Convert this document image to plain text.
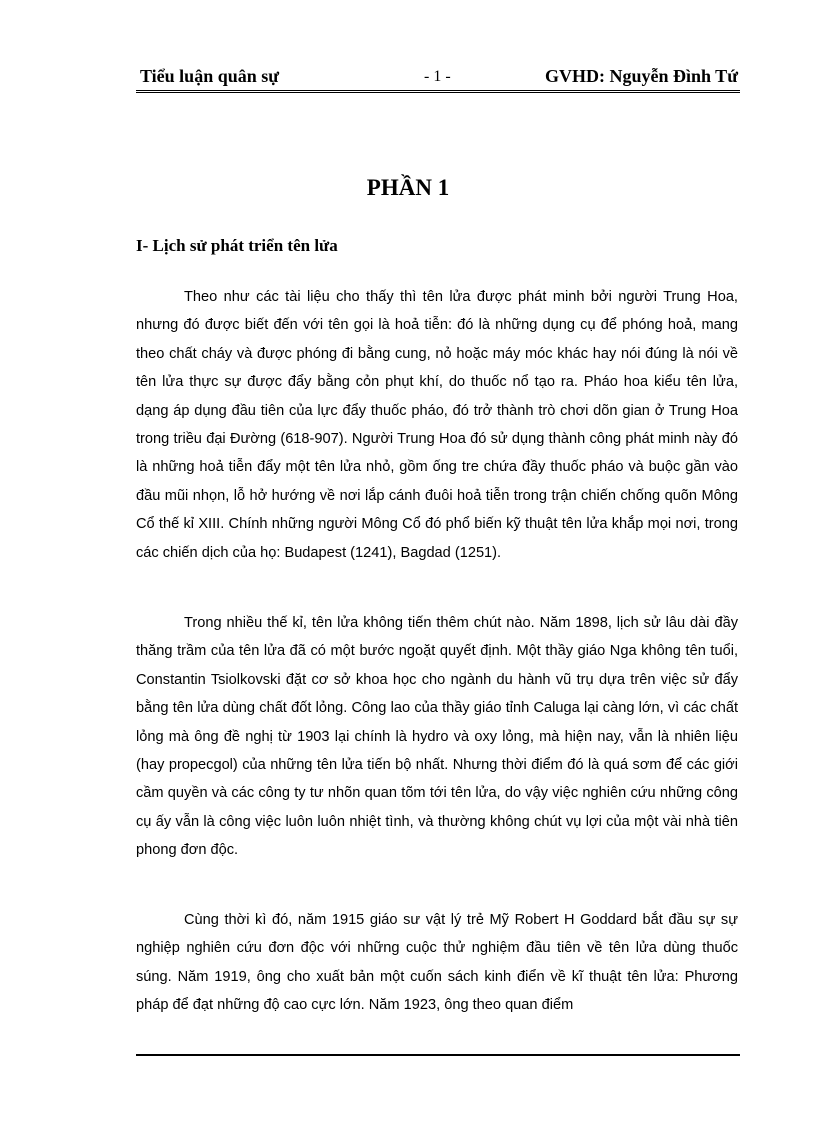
Tiểu luận quân sự	- 1 -	GVHD: Nguyễn Đình Tứ
PHẦN 1
I- Lịch sử phát triển tên lửa

Theo như các tài liệu cho thấy thì tên lửa được phát minh bởi người Trung Hoa, nhưng đó được biết đến với tên gọi là hoả tiễn: đó là những dụng cụ để phóng hoả, mang theo chất cháy và được phóng đi bằng cung, nỏ hoặc máy móc khác hay nói đúng là nói về tên lửa thực sự được đẩy bằng cỏn phụt khí, do thuốc nổ tạo ra. Pháo hoa kiểu tên lửa, dạng áp dụng đầu tiên của lực đẩy thuốc pháo, đó trở thành trò chơi dõn gian ở Trung Hoa trong triều đại Đường (618-907). Người Trung Hoa đó sử dụng thành công phát minh này đó là những hoả tiễn đẩy một tên lửa nhỏ, gồm ống tre chứa đầy thuốc pháo và buộc gần vào đầu mũi nhọn, lỗ hở hướng về nơi lắp cánh đuôi hoả tiễn trong trận chiến chống quõn Mông Cổ thế kỉ XIII. Chính những người Mông Cổ đó phổ biến kỹ thuật tên lửa khắp mọi nơi, trong các chiến dịch của họ: Budapest (1241), Bagdad (1251).

Trong nhiều thế kỉ, tên lửa không tiến thêm chút nào. Năm 1898, lịch sử lâu dài đầy thăng trầm của tên lửa đã có một bước ngoặt quyết định. Một thầy giáo Nga không tên tuổi, Constantin Tsiolkovski đặt cơ sở khoa học cho ngành du hành vũ trụ dựa trên việc sử đẩy bằng tên lửa dùng chất đốt lỏng. Công lao của thầy giáo tỉnh Caluga lại càng lớn, vì các chất lỏng mà ông đề nghị từ 1903 lại chính là hydro và oxy lỏng, mà hiện nay, vẫn là nhiên liệu (hay propecgol) của những tên lửa tiến bộ nhất. Nhưng thời điểm đó là quá sơm để các giới cầm quyền và các công ty tư nhõn quan tõm tới tên lửa, do vậy việc nghiên cứu những công cụ ấy vẫn là công việc luôn luôn nhiệt tình, và thường không chút vụ lợi của một vài nhà tiên phong đơn độc.

Cùng thời kì đó, năm 1915 giáo sư vật lý trẻ Mỹ Robert H Goddard bắt đầu sự sự nghiệp nghiên cứu đơn độc với những cuộc thử nghiệm đầu tiên về tên lửa dùng thuốc súng. Năm 1919, ông cho xuất bản một cuốn sách kinh điển về kĩ thuật tên lửa: Phương pháp để đạt những độ cao cực lớn. Năm 1923, ông theo quan điểm
